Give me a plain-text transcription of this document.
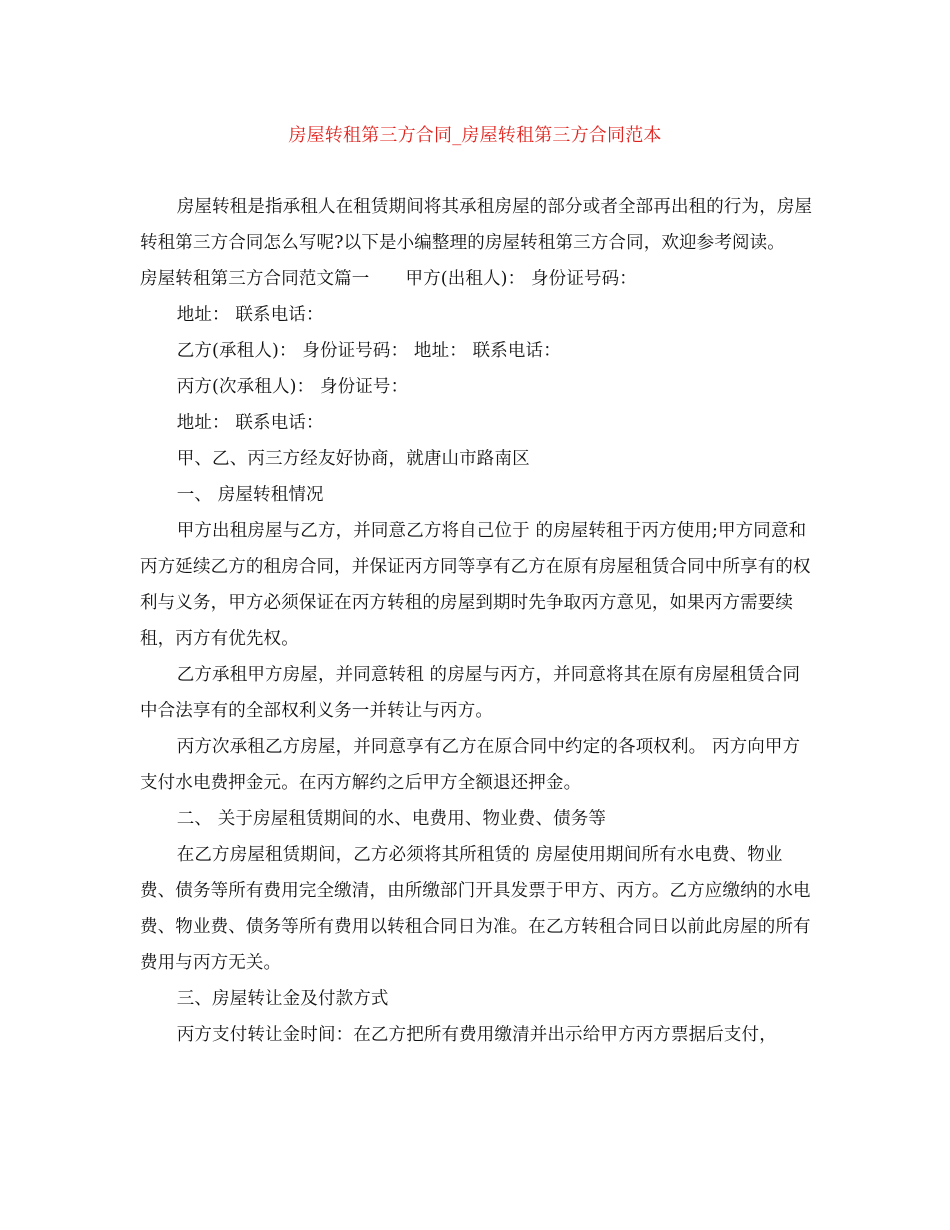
房屋转租第三方合同_房屋转租第三方合同范本

房屋转租是指承租人在租赁期间将其承租房屋的部分或者全部再出租的行为，房屋转租第三方合同怎么写呢?以下是小编整理的房屋转租第三方合同，欢迎参考阅读。

房屋转租第三方合同范文篇一 甲方(出租人)： 身份证号码：

地址： 联系电话：

乙方(承租人)： 身份证号码： 地址： 联系电话：

丙方(次承租人)： 身份证号：

地址： 联系电话：

甲、乙、丙三方经友好协商，就唐山市路南区

一、 房屋转租情况

甲方出租房屋与乙方，并同意乙方将自己位于 的房屋转租于丙方使用;甲方同意和丙方延续乙方的租房合同，并保证丙方同等享有乙方在原有房屋租赁合同中所享有的权利与义务，甲方必须保证在丙方转租的房屋到期时先争取丙方意见，如果丙方需要续租，丙方有优先权。

乙方承租甲方房屋，并同意转租 的房屋与丙方，并同意将其在原有房屋租赁合同中合法享有的全部权利义务一并转让与丙方。

丙方次承租乙方房屋，并同意享有乙方在原合同中约定的各项权利。 丙方向甲方支付水电费押金元。在丙方解约之后甲方全额退还押金。

二、 关于房屋租赁期间的水、电费用、物业费、债务等

在乙方房屋租赁期间，乙方必须将其所租赁的 房屋使用期间所有水电费、物业费、债务等所有费用完全缴清，由所缴部门开具发票于甲方、丙方。乙方应缴纳的水电费、物业费、债务等所有费用以转租合同日为准。在乙方转租合同日以前此房屋的所有费用与丙方无关。

三、房屋转让金及付款方式

丙方支付转让金时间：在乙方把所有费用缴清并出示给甲方丙方票据后支付，
